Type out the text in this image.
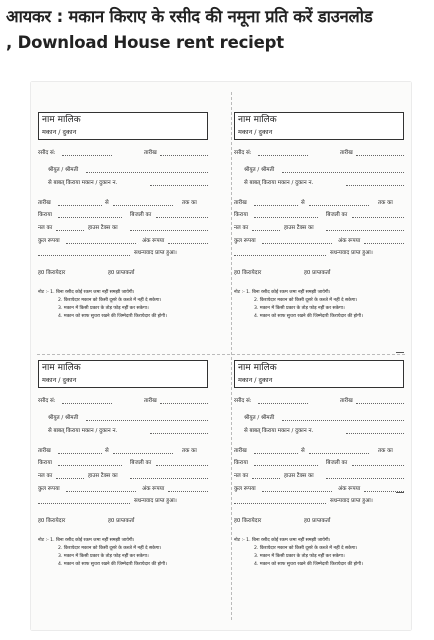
आयकर : मकान किराए के रसीद की नमूना प्रति करें डाउनलोड
, Download House rent reciept
नाम मालिक
मकान / दुकान
रसीद सं:	तारीख
श्रीयुत / श्रीमती
से बाबत् किराया मकान / दुकान न.
तारीख	से	तक का
किराया	बिजली का
नल का	हाउस टैक्स का
कुल रूपया	अंक रूपया
सधन्यवाद प्राप्त हुआ।
ह0 किरायेदार	ह0 प्राप्तकर्ता
नोट :- 1. बिना रसीद कोई रकम जमा नहीं समझी जायेगी।
2. किरायेदार मकान को किसी दूसरे के कब्जे में नहीं दे सकेगा।
3. मकान में किसी प्रकार के तोड़ फोड़ नहीं कर सकेगा।
4. मकान को साफ सुथरा रखने की जिम्मेदारी किरायेदार की होगी।
नाम मालिक
मकान / दुकान
रसीद सं:	तारीख
श्रीयुत / श्रीमती
से बाबत् किराया मकान / दुकान न.
तारीख	से	तक का
किराया	बिजली का
नल का	हाउस टैक्स का
कुल रूपया	अंक रूपया
सधन्यवाद प्राप्त हुआ।
ह0 किरायेदार	ह0 प्राप्तकर्ता
नोट :- 1. बिना रसीद कोई रकम जमा नहीं समझी जायेगी।
2. किरायेदार मकान को किसी दूसरे के कब्जे में नहीं दे सकेगा।
3. मकान में किसी प्रकार के तोड़ फोड़ नहीं कर सकेगा।
4. मकान को साफ सुथरा रखने की जिम्मेदारी किरायेदार की होगी।
नाम मालिक
मकान / दुकान
रसीद सं:	तारीख
श्रीयुत / श्रीमती
से बाबत् किराया मकान / दुकान न.
तारीख	से	तक का
किराया	बिजली का
नल का	हाउस टैक्स का
कुल रूपया	अंक रूपया
सधन्यवाद प्राप्त हुआ।
ह0 किरायेदार	ह0 प्राप्तकर्ता
नोट :- 1. बिना रसीद कोई रकम जमा नहीं समझी जायेगी।
2. किरायेदार मकान को किसी दूसरे के कब्जे में नहीं दे सकेगा।
3. मकान में किसी प्रकार के तोड़ फोड़ नहीं कर सकेगा।
4. मकान को साफ सुथरा रखने की जिम्मेदारी किरायेदार की होगी।
नाम मालिक
मकान / दुकान
रसीद सं:	तारीख
श्रीयुत / श्रीमती
से बाबत् किराया मकान / दुकान न.
तारीख	से	तक का
किराया	बिजली का
नल का	हाउस टैक्स का
कुल रूपया	अंक रूपया
सधन्यवाद प्राप्त हुआ।
ह0 किरायेदार	ह0 प्राप्तकर्ता
नोट :- 1. बिना रसीद कोई रकम जमा नहीं समझी जायेगी।
2. किरायेदार मकान को किसी दूसरे के कब्जे में नहीं दे सकेगा।
3. मकान में किसी प्रकार के तोड़ फोड़ नहीं कर सकेगा।
4. मकान को साफ सुथरा रखने की जिम्मेदारी किरायेदार की होगी।
